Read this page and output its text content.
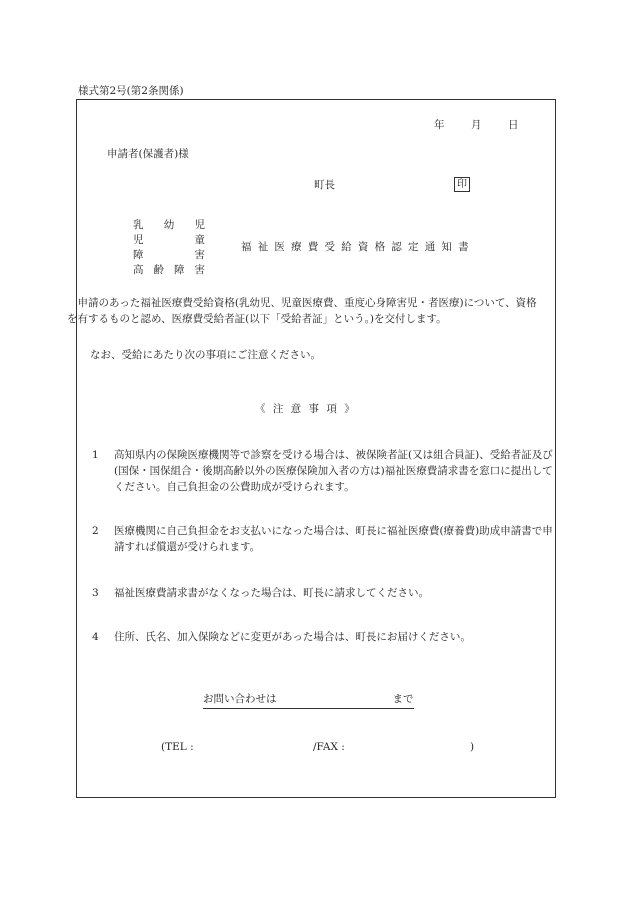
様式第2号(第2条関係)
年	月	日
申請者(保護者)様
町長	印
乳幼児
児童
障害
高齢障害
福祉医療費受給資格認定通知書
申請のあった福祉医療費受給資格(乳幼児、児童医療費、重度心身障害児・者医療)について、資格を有するものと認め、医療費受給者証(以下「受給者証」という。)を交付します。
なお、受給にあたり次の事項にご注意ください。
《 注 意 事 項 》
1	高知県内の保険医療機関等で診察を受ける場合は、被保険者証(又は組合員証)、受給者証及び(国保・国保組合・後期高齢以外の医療保険加入者の方は)福祉医療費請求書を窓口に提出してください。自己負担金の公費助成が受けられます。
2	医療機関に自己負担金をお支払いになった場合は、町長に福祉医療費(療養費)助成申請書で申請すれば償還が受けられます。
3	福祉医療費請求書がなくなった場合は、町長に請求してください。
4	住所、氏名、加入保険などに変更があった場合は、町長にお届けください。
お問い合わせは	まで
(TEL :	/FAX :	)
